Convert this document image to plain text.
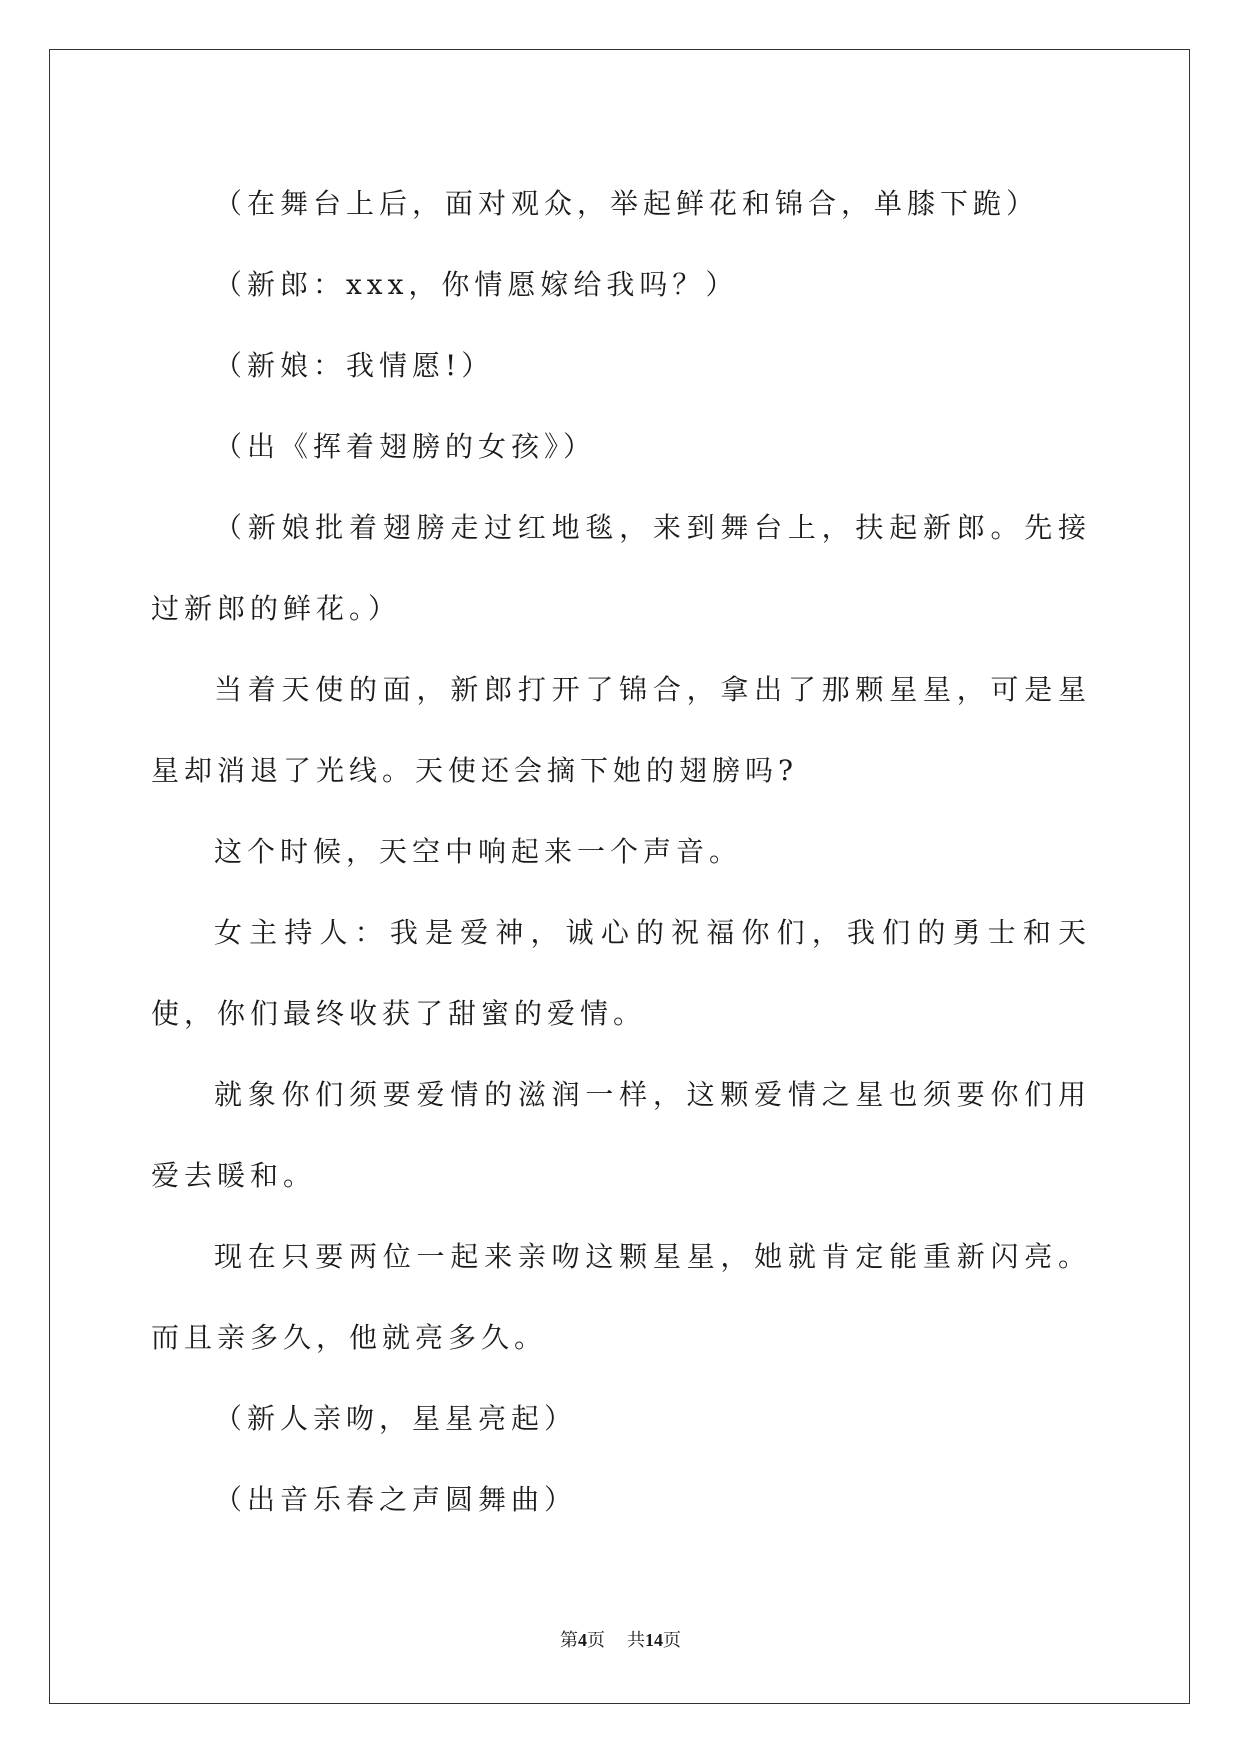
（在舞台上后，面对观众，举起鲜花和锦合，单膝下跪）

（新郎：xxx，你情愿嫁给我吗？）

（新娘：我情愿!）

（出《挥着翅膀的女孩》）

（新娘批着翅膀走过红地毯，来到舞台上，扶起新郎。先接过新郎的鲜花。）

当着天使的面，新郎打开了锦合，拿出了那颗星星，可是星星却消退了光线。天使还会摘下她的翅膀吗?

这个时候，天空中响起来一个声音。

女主持人：我是爱神，诚心的祝福你们，我们的勇士和天使，你们最终收获了甜蜜的爱情。

就象你们须要爱情的滋润一样，这颗爱情之星也须要你们用爱去暖和。

现在只要两位一起来亲吻这颗星星，她就肯定能重新闪亮。而且亲多久，他就亮多久。

（新人亲吻，星星亮起）

（出音乐春之声圆舞曲）

第4页 共14页
